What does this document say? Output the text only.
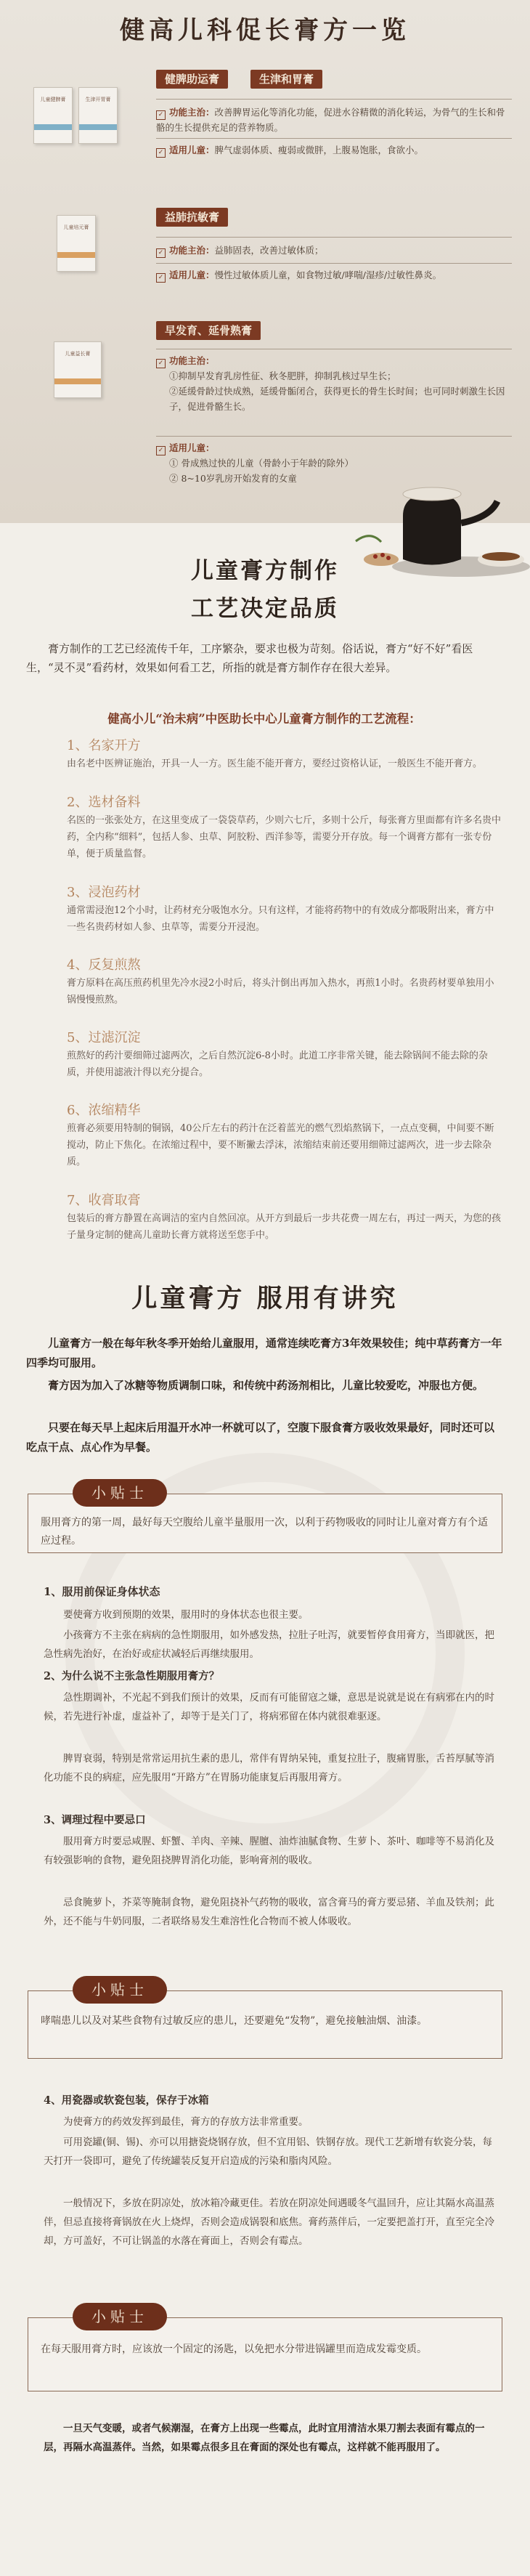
健高儿科促长膏方一览
儿童健脾膏	生津开胃膏
健脾助运膏	生津和胃膏
✓ 功能主治：改善脾胃运化等消化功能，促进水谷精微的消化转运，为骨气的生长和骨骼的生长提供充足的营养物质。
✓ 适用儿童：脾气虚弱体质、瘦弱或微胖，上腹易饱胀，食欲小。
儿童培元膏
益肺抗敏膏
✓ 功能主治：益肺固表，改善过敏体质；
✓ 适用儿童：慢性过敏体质儿童，如食物过敏/哮喘/湿疹/过敏性鼻炎。
儿童益长膏
早发育、延骨熟膏
✓ 功能主治：
①抑制早发育乳房性征、秋冬肥胖，抑制乳核过早生长；
②延缓骨龄过快成熟，延缓骨骺闭合，获得更长的骨生长时间；也可同时刺激生长因子，促进骨骼生长。
✓ 适用儿童：
① 骨成熟过快的儿童（骨龄小于年龄的除外）
② 8~10岁乳房开始发育的女童
儿童膏方制作
工艺决定品质
膏方制作的工艺已经流传千年，工序繁杂，要求也极为苛刻。俗话说，膏方“好不好”看医生，“灵不灵”看药材，效果如何看工艺，所指的就是膏方制作存在很大差异。
健高小儿“治未病”中医助长中心儿童膏方制作的工艺流程：
1、名家开方
由名老中医辨证施治，开具一人一方。医生能不能开膏方，要经过资格认证，一般医生不能开膏方。
2、选材备料
名医的一张张处方，在这里变成了一袋袋草药，少则六七斤，多则十公斤，每张膏方里面都有许多名贵中药，全内称“细料”，包括人参、虫草、阿胶粉、西洋参等，需要分开存放。每一个调膏方都有一张专份单，便于质量监督。
3、浸泡药材
通常需浸泡12个小时，让药材充分吸饱水分。只有这样，才能将药物中的有效成分都吸附出来，膏方中一些名贵药材如人参、虫草等，需要分开浸泡。
4、反复煎熬
膏方原料在高压煎药机里先冷水浸2小时后，将头汁倒出再加入热水，再煎1小时。名贵药材要单独用小锅慢慢煎熬。
5、过滤沉淀
煎熬好的药汁要细筛过滤两次，之后自然沉淀6-8小时。此道工序非常关键，能去除锅间不能去除的杂质，并使用滤液汁得以充分提合。
6、浓缩精华
煎膏必须要用特制的铜锅，40公斤左右的药汁在泛着蓝光的燃气烈焰熬锅下，一点点变稠，中间要不断搅动，防止下焦化。在浓缩过程中，要不断撇去浮沫，浓缩结束前还要用细筛过滤两次，进一步去除杂质。
7、收膏取膏
包装后的膏方静置在高调洁的室内自然回凉。从开方到最后一步共花费一周左右，再过一两天，为您的孩子量身定制的健高儿童助长膏方就将送至您手中。
儿童膏方 服用有讲究
儿童膏方一般在每年秋冬季开始给儿童服用，通常连续吃膏方3年效果较佳；纯中草药膏方一年四季均可服用。
膏方因为加入了冰糖等物质调制口味，和传统中药汤剂相比，儿童比较爱吃，冲服也方便。
只要在每天早上起床后用温开水冲一杯就可以了，空腹下服食膏方吸收效果最好，同时还可以吃点干点、点心作为早餐。
小贴士
服用膏方的第一周，最好每天空腹给儿童半量服用一次，以利于药物吸收的同时让儿童对膏方有个适应过程。
1、服用前保证身体状态
要使膏方收到预期的效果，服用时的身体状态也很主要。
小孩膏方不主张在病病的急性期服用，如外感发热，拉肚子吐泻，就要暂停食用膏方，当即就医，把急性病先治好，在治好或症状减轻后再继续服用。
2、为什么说不主张急性期服用膏方？
急性期调补，不光起不到我们预计的效果，反而有可能留寇之嫌，意思是说就是说在有病邪在内的时候，若先进行补虚，虚益补了，却等于是关门了，将病邪留在体内就很难驱逐。
脾胃衰弱，特别是常常运用抗生素的患儿，常伴有胃纳呆钝，重复拉肚子，腹痛胃胀，舌苔厚腻等消化功能不良的病症，应先服用“开路方”在胃肠功能康复后再服用膏方。
3、调理过程中要忌口
服用膏方时要忌咸腥、虾蟹、羊肉、辛辣、腥膻、油炸油腻食物、生萝卜、茶叶、咖啡等不易消化及有较强影响的食物，避免阻挠脾胃消化功能，影响膏剂的吸收。
忌食腌萝卜，芥菜等腌制食物，避免阻挠补气药物的吸收，富含膏马的膏方要忌猪、羊血及铁剂；此外，还不能与牛奶同服，二者联络易发生难溶性化合物而不被人体吸收。
小贴士
哮喘患儿以及对某些食物有过敏反应的患儿，还要避免“发物”，避免接触油烟、油漆。
4、用瓷器或软瓷包装，保存于冰箱
为使膏方的药效发挥到最佳，膏方的存放方法非常重要。
可用瓷罐(铜、锡)、亦可以用搪瓷烧钢存放，但不宜用铝、铁钢存放。现代工艺新增有软瓷分装，每天打开一袋即可，避免了传统罐装反复开启造成的污染和脂肉风险。
一般情况下，多放在阴凉处，放冰箱冷藏更佳。若放在阴凉处间遇暖冬气温回升，应让其隔水高温蒸伴，但忌直接将膏锅放在火上烧焊，否则会造成锅裂和底焦。膏药蒸伴后，一定要把盖打开，直至完全冷却，方可盖好，不可让锅盖的水落在膏面上，否则会有霉点。
小贴士
在每天服用膏方时，应该放一个固定的汤匙，以免把水分带进锅罐里而造成发霉变质。
一旦天气变暖，或者气候潮湿，在膏方上出现一些霉点，此时宜用清洁水果刀割去表面有霉点的一层，再隔水高温蒸伴。当然，如果霉点很多且在膏面的深处也有霉点，这样就不能再服用了。
